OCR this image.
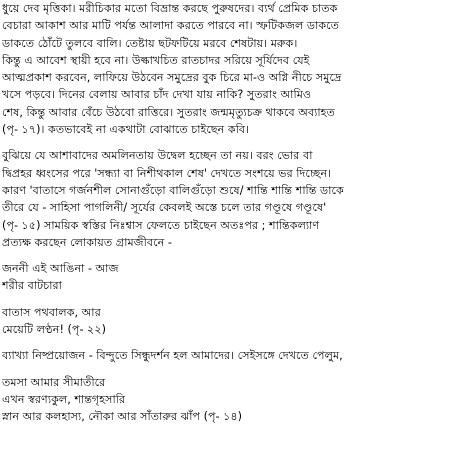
ধুয়ে দেব মৃত্তিকা। মরীচিকার মতো বিভ্রান্ত করছে পুরুষদের। ব্যর্থ প্রেমিক চাতক
বেচারা আকাশ আর মাটি পর্যন্ত আলাদা করতে পারবে না। স্ফটিকজল ডাকতে
ডাকতে ঠোঁটে তুলবে বালি। তেষ্টায় ছটফটিয়ে মরবে শেষটায়। মরুক।
কিন্তু এ আবেশ স্থায়ী হবে না। উল্কাখচিত রাতচাদর সরিয়ে সূর্যিদেব যেই
আত্মপ্রকাশ করবেন, লাফিয়ে উঠবেন সমুদ্রের বুক চিরে মা-ও অগ্নি নীচে সমুদ্রে
খসে পড়বে। দিনের বেলায় আবার চাঁদ দেখা যায় নাকি? সুতরাং আমিও
শেষ, কিন্তু আবার বেঁচে উঠবো রাত্তিরে। সুতরাং জন্মমৃত্যুচক্র থাকবে অব্যাহত
(পৃ- ১৭)। কতভাবেই না একথাটা বোঝাতে চাইছেন কবি।
বুঝিয়ে যে আশাবাদের অমলিনতায় উদ্বেল হচ্ছেন তা নয়। বরং ভোর বা
দ্বিপ্রহর ধ্বংসের পরে 'সন্ধ্যা বা নিশীথকাল শেষ' দেখতে সংশয়ে ভর দিচ্ছেন।
কারণ 'বাতাসে গর্জনশীল সোনাগুঁড়ো বালিগুঁড়ো শুষে/ শান্তি শান্তি শান্তি ডাকে
তীরে যে - সাহিসা পাগলিনী/ সূর্যের কেবলই অস্তে চলে তার গণ্ডূষে গণ্ডূষে'
(পৃ- ১৫) সাময়িক স্বস্তির নিঃশ্বাস ফেলতে চাইছেন অতঃপর ; শান্তিকল্যাণ
প্রত্যক্ষ করছেন লোকায়ত গ্রামজীবনে -
জননী এই আঙিনা - আজ
শরীর বাটচারা
বাতাস পথবালক, আর
মেয়েটি লণ্ঠন! (পৃ- ২২)
ব্যাখ্যা নিষ্প্রয়োজন - বিন্দুতে সিন্ধুদর্শন হল আমাদের। সেইসঙ্গে দেখতে পেলুম,
তমসা আমার সীমাতীরে
এখন স্বরণ্যকুল, শান্তগৃহসারি
স্নান আর কলহাস্য, নৌকা আর সাঁতারুর ঝাঁপ (পৃ- ১৪)
